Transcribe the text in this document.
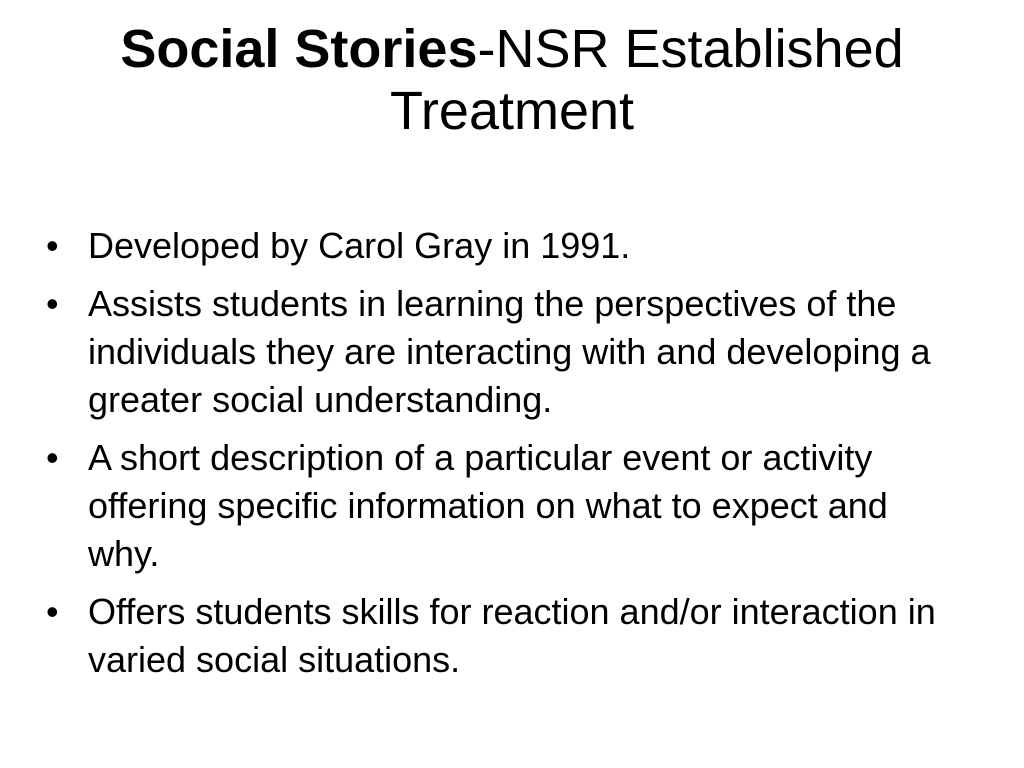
Social Stories-NSR Established Treatment
• Developed by Carol Gray in 1991.
• Assists students in learning the perspectives of the individuals they are interacting with and developing a greater social understanding.
• A short description of a particular event or activity offering specific information on what to expect and why.
• Offers students skills for reaction and/or interaction in varied social situations.
